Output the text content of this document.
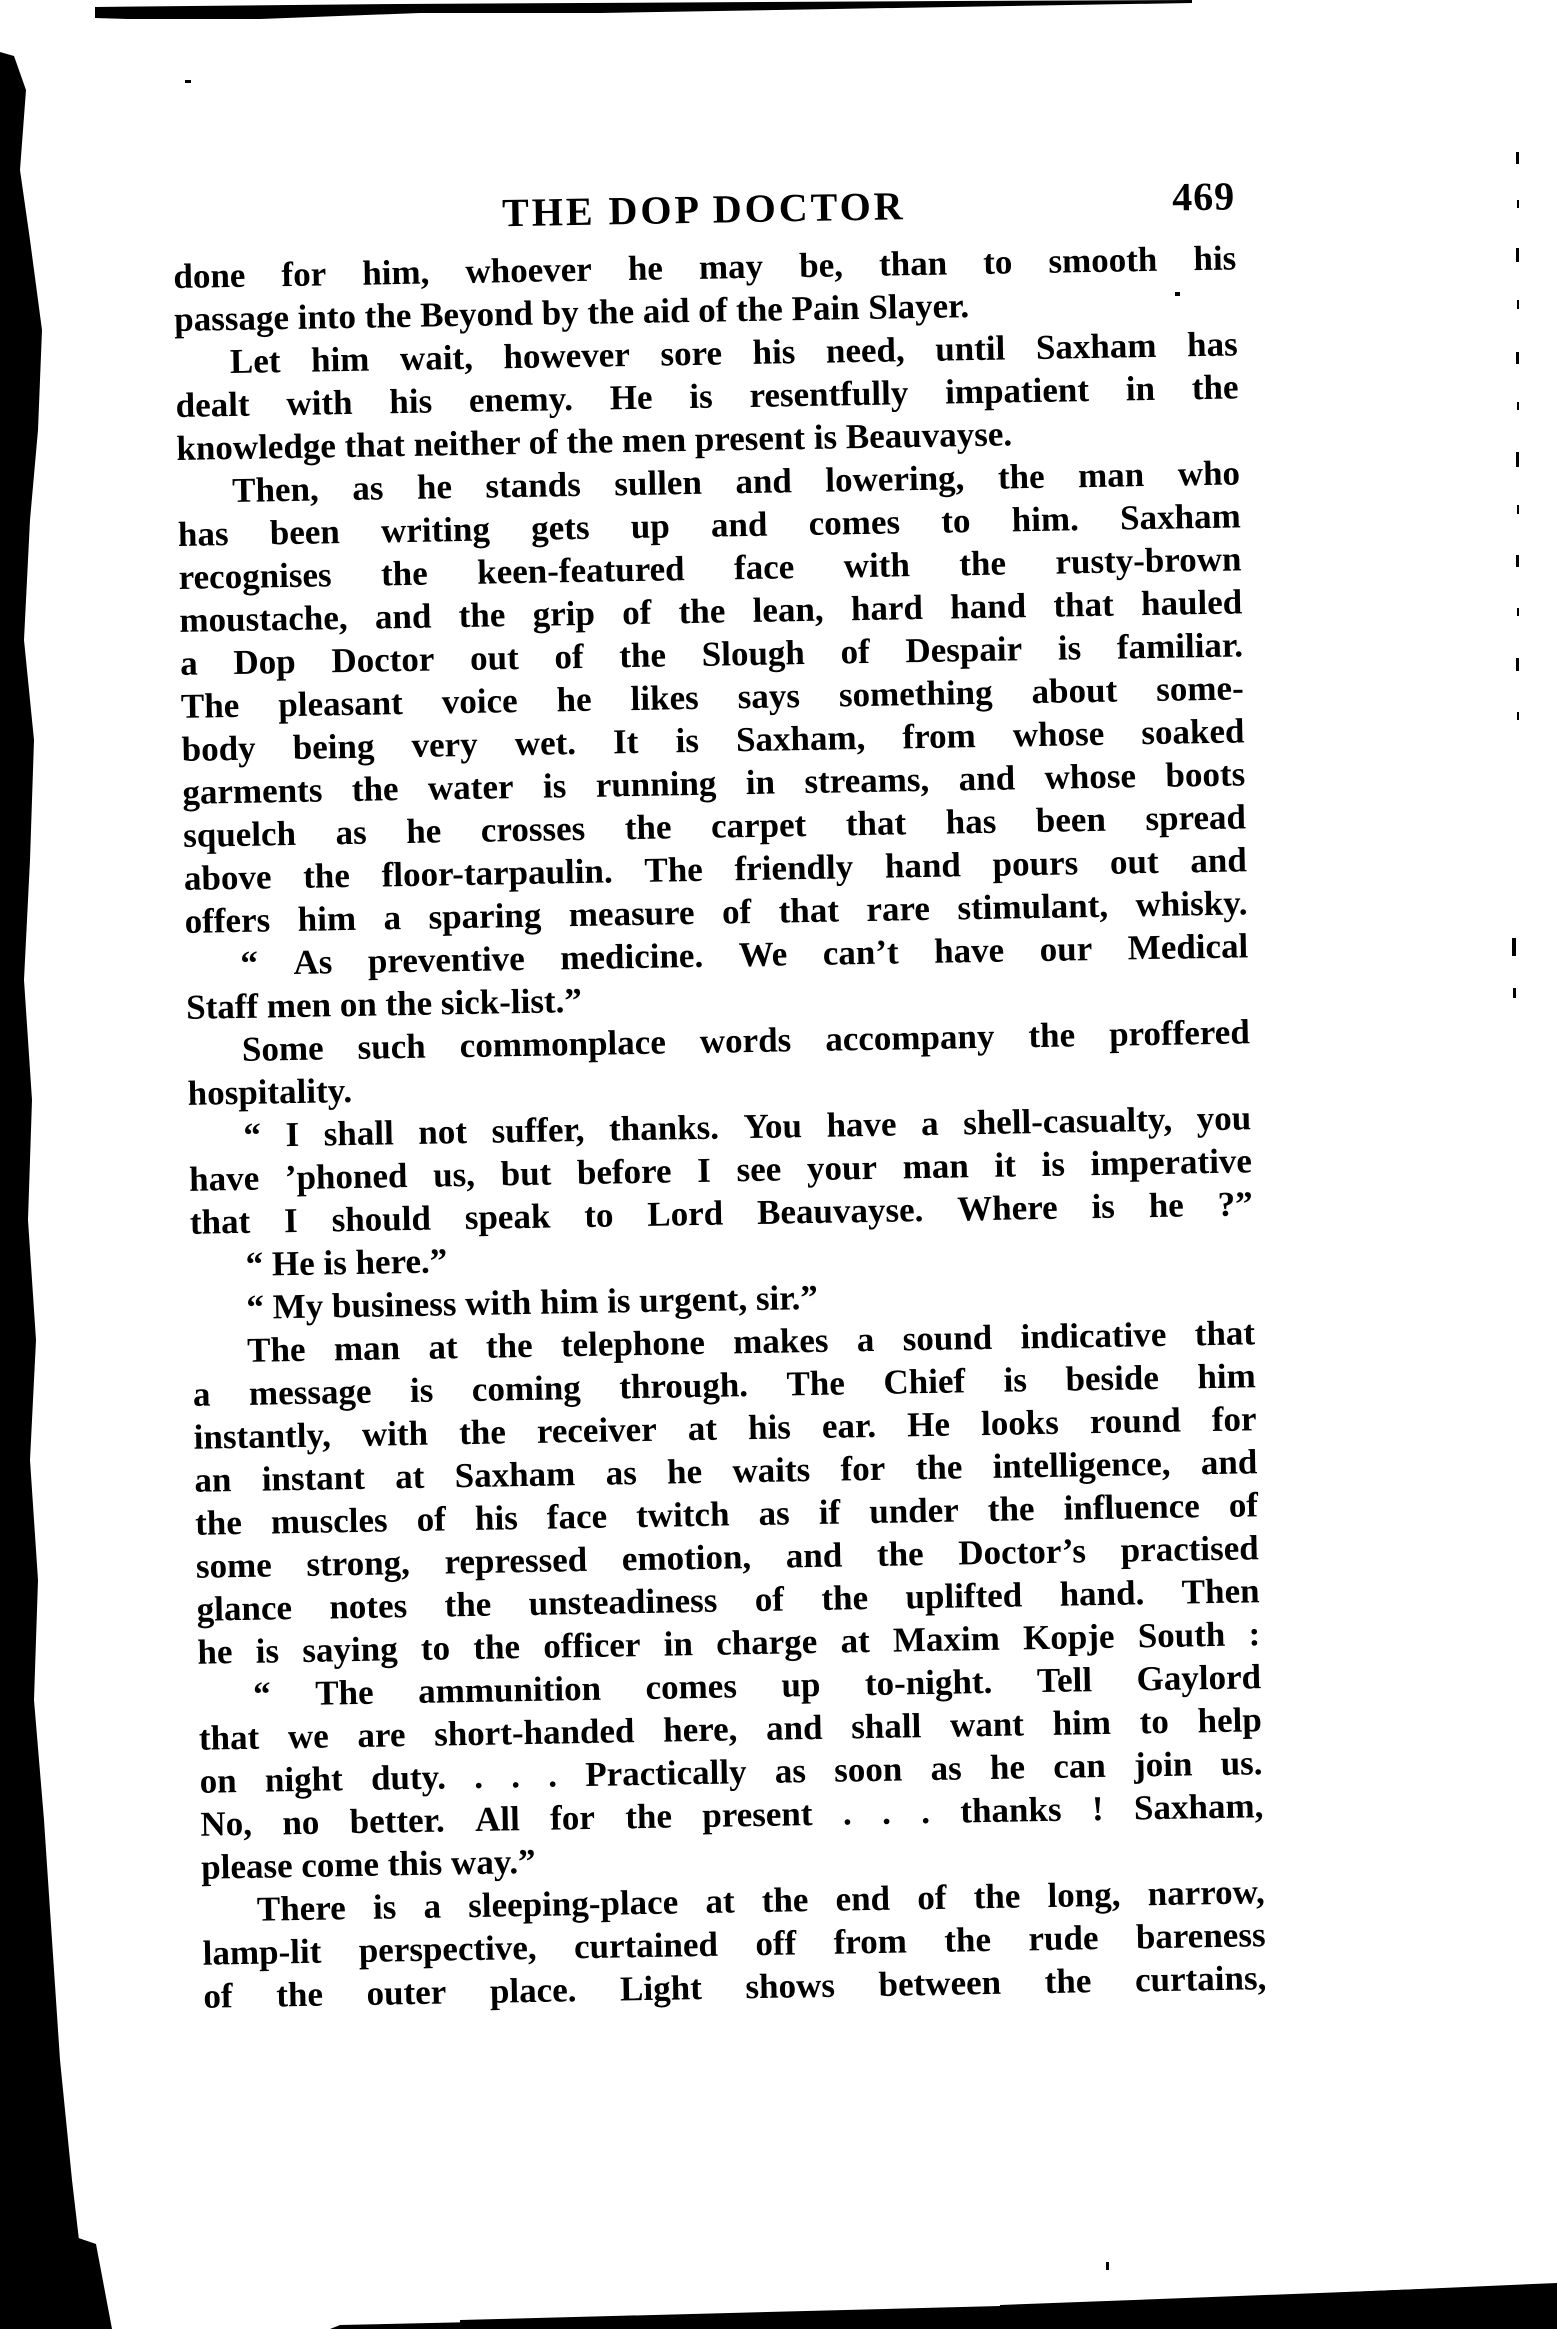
THE DOP DOCTOR	469
done for him, whoever he may be, than to smooth his
passage into the Beyond by the aid of the Pain Slayer.
Let him wait, however sore his need, until Saxham has
dealt with his enemy. He is resentfully impatient in the
knowledge that neither of the men present is Beauvayse.
Then, as he stands sullen and lowering, the man who
has been writing gets up and comes to him. Saxham
recognises the keen-featured face with the rusty-brown
moustache, and the grip of the lean, hard hand that hauled
a Dop Doctor out of the Slough of Despair is familiar.
The pleasant voice he likes says something about some-
body being very wet. It is Saxham, from whose soaked
garments the water is running in streams, and whose boots
squelch as he crosses the carpet that has been spread
above the floor-tarpaulin. The friendly hand pours out and
offers him a sparing measure of that rare stimulant, whisky.
“ As preventive medicine. We can’t have our Medical
Staff men on the sick-list.”
Some such commonplace words accompany the proffered
hospitality.
“ I shall not suffer, thanks. You have a shell-casualty, you
have ’phoned us, but before I see your man it is imperative
that I should speak to Lord Beauvayse. Where is he ?”
“ He is here.”
“ My business with him is urgent, sir.”
The man at the telephone makes a sound indicative that
a message is coming through. The Chief is beside him
instantly, with the receiver at his ear. He looks round for
an instant at Saxham as he waits for the intelligence, and
the muscles of his face twitch as if under the influence of
some strong, repressed emotion, and the Doctor’s practised
glance notes the unsteadiness of the uplifted hand. Then
he is saying to the officer in charge at Maxim Kopje South :
“ The ammunition comes up to-night. Tell Gaylord
that we are short-handed here, and shall want him to help
on night duty. . . . Practically as soon as he can join us.
No, no better. All for the present . . . thanks ! Saxham,
please come this way.”
There is a sleeping-place at the end of the long, narrow,
lamp-lit perspective, curtained off from the rude bareness
of the outer place. Light shows between the curtains,
